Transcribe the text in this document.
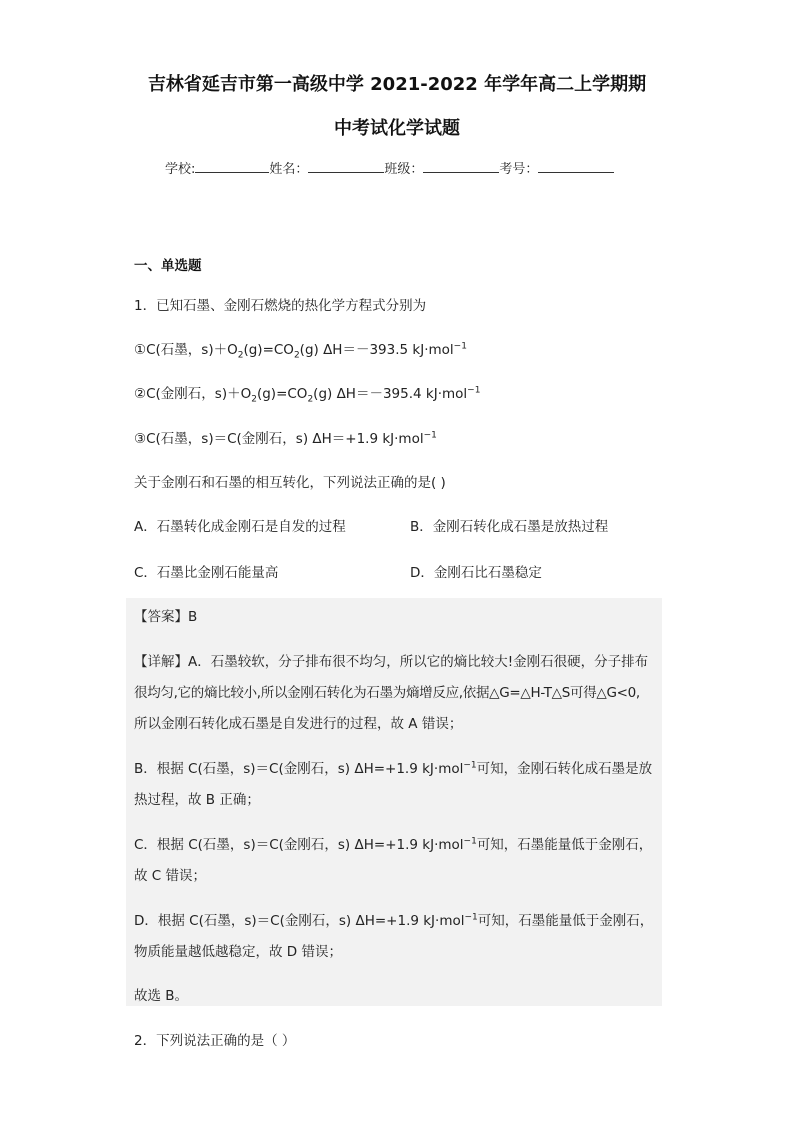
吉林省延吉市第一高级中学 2021-2022 年学年高二上学期期
中考试化学试题
学校:	姓名：	班级：	考号：
一、单选题
1．已知石墨、金刚石燃烧的热化学方程式分别为
①C(石墨，$s)+O_2(g)=CO_2(g)$ ΔH＝－393.5 kJ·mol$^{-1}$
②C(金刚石，$s)+O_2(g)=CO_2(g)$ ΔH＝－395.4 kJ·mol$^{-1}$
③C(石墨，s)＝C(金刚石，s) ΔH＝+1.9 kJ·mol$^{-1}$
关于金刚石和石墨的相互转化，下列说法正确的是( )
A．石墨转化成金刚石是自发的过程	B．金刚石转化成石墨是放热过程
C．石墨比金刚石能量高	D．金刚石比石墨稳定
【答案】B
【详解】A．石墨较软，分子排布很不均匀，所以它的熵比较大!金刚石很硬，分子排布
很均匀,它的熵比较小,所以金刚石转化为石墨为熵增反应,依据△G=△H-T△S可得△G<0,
所以金刚石转化成石墨是自发进行的过程，故 A 错误；
B．根据 C(石墨，s)＝C(金刚石，s) ΔH=+1.9 kJ·mol$^{-1}$可知，金刚石转化成石墨是放
热过程，故 B 正确；
C．根据 C(石墨，s)＝C(金刚石，s) ΔH=+1.9 kJ·mol$^{-1}$可知，石墨能量低于金刚石，
故 C 错误；
D．根据 C(石墨，s)＝C(金刚石，s) ΔH=+1.9 kJ·mol$^{-1}$可知，石墨能量低于金刚石，
物质能量越低越稳定，故 D 错误；
故选 B。
2．下列说法正确的是（ ）
